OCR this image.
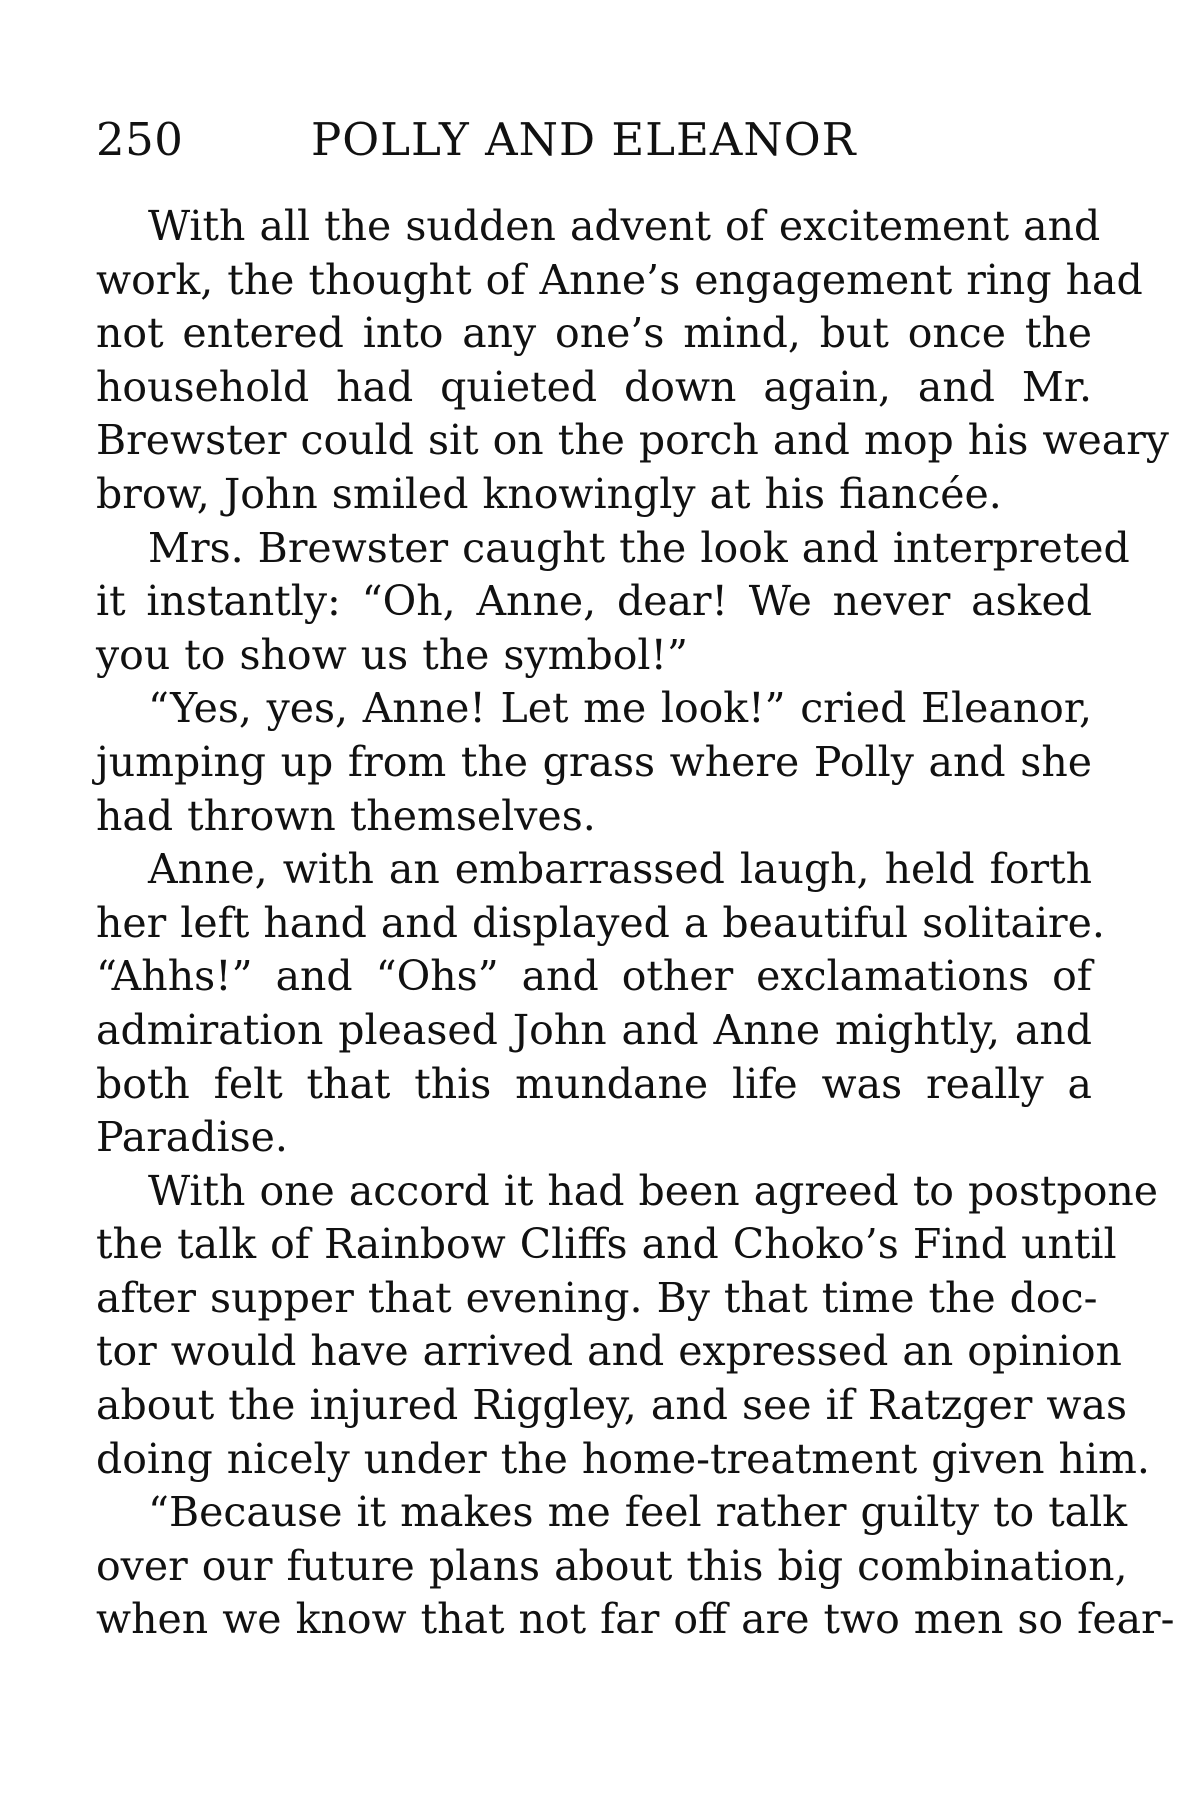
250	POLLY AND ELEANOR

With all the sudden advent of excitement and
work, the thought of Anne’s engagement ring had
not entered into any one’s mind, but once the
household had quieted down again, and Mr.
Brewster could sit on the porch and mop his weary
brow, John smiled knowingly at his fiancée.

Mrs. Brewster caught the look and interpreted
it instantly: “Oh, Anne, dear! We never asked
you to show us the symbol!”

“Yes, yes, Anne! Let me look!” cried Eleanor,
jumping up from the grass where Polly and she
had thrown themselves.

Anne, with an embarrassed laugh, held forth
her left hand and displayed a beautiful solitaire.
“Ahhs!” and “Ohs” and other exclamations of
admiration pleased John and Anne mightly, and
both felt that this mundane life was really a
Paradise.

With one accord it had been agreed to postpone
the talk of Rainbow Cliffs and Choko’s Find until
after supper that evening. By that time the doc-
tor would have arrived and expressed an opinion
about the injured Riggley, and see if Ratzger was
doing nicely under the home-treatment given him.

“Because it makes me feel rather guilty to talk
over our future plans about this big combination,
when we know that not far off are two men so fear-
